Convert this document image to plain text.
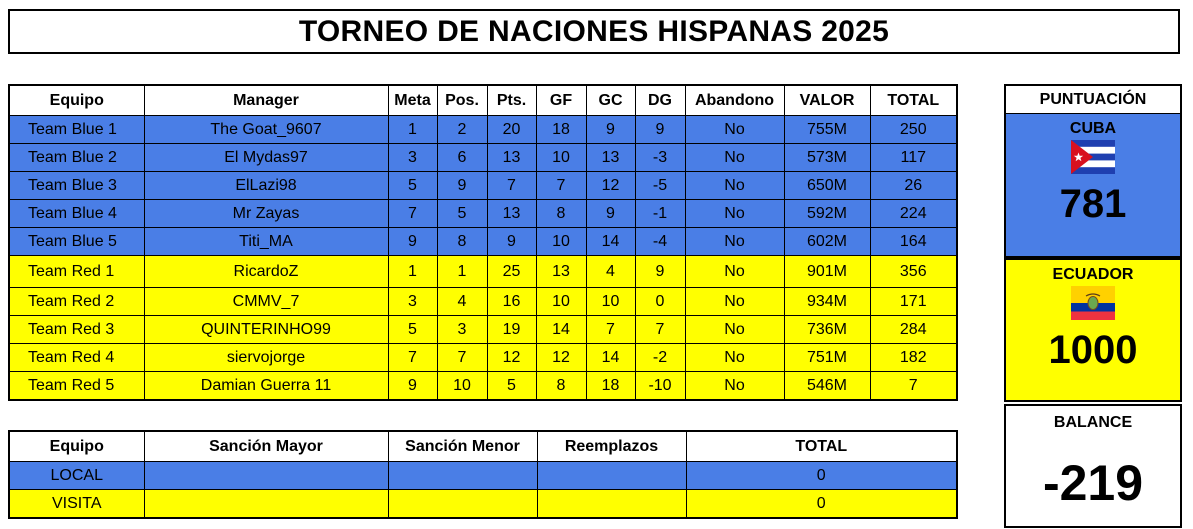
TORNEO DE NACIONES HISPANAS 2025
Equipo	Manager	Meta	Pos.	Pts.	GF	GC	DG	Abandono	VALOR	TOTAL
Team Blue 1	The Goat_9607	1	2	20	18	9	9	No	755M	250
Team Blue 2	El Mydas97	3	6	13	10	13	-3	No	573M	117
Team Blue 3	ElLazi98	5	9	7	7	12	-5	No	650M	26
Team Blue 4	Mr Zayas	7	5	13	8	9	-1	No	592M	224
Team Blue 5	Titi_MA	9	8	9	10	14	-4	No	602M	164
Team Red 1	RicardoZ	1	1	25	13	4	9	No	901M	356
Team Red 2	CMMV_7	3	4	16	10	10	0	No	934M	171
Team Red 3	QUINTERINHO99	5	3	19	14	7	7	No	736M	284
Team Red 4	siervojorge	7	7	12	12	14	-2	No	751M	182
Team Red 5	Damian Guerra 11	9	10	5	8	18	-10	No	546M	7
Equipo	Sanción Mayor	Sanción Menor	Reemplazos	TOTAL
LOCAL				0
VISITA				0
PUNTUACIÓN
CUBA
781
ECUADOR
1000
BALANCE
-219
